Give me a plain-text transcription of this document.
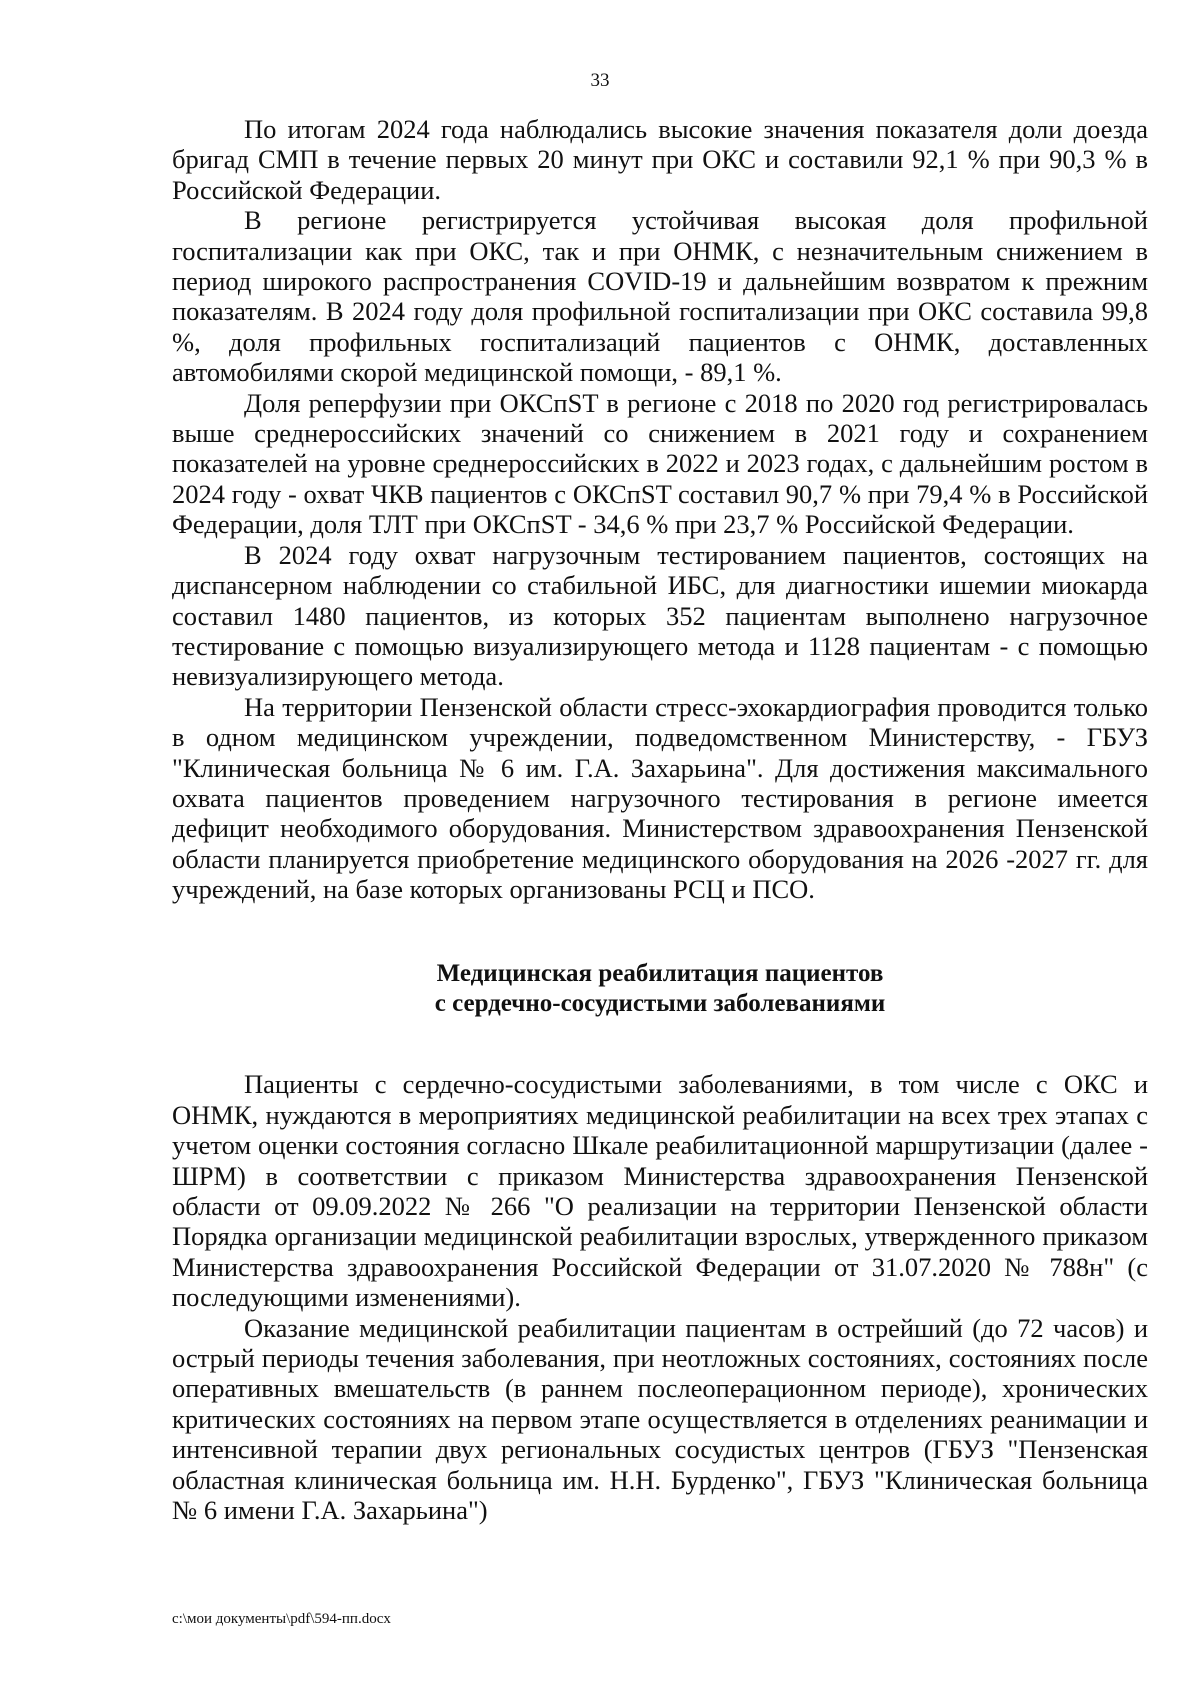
33

По итогам 2024 года наблюдались высокие значения показателя доли доезда бригад СМП в течение первых 20 минут при ОКС и составили 92,1 % при 90,3 % в Российской Федерации.

В регионе регистрируется устойчивая высокая доля профильной госпитализации как при ОКС, так и при ОНМК, с незначительным снижением в период широкого распространения COVID-19 и дальнейшим возвратом к прежним показателям. В 2024 году доля профильной госпитализации при ОКС составила 99,8 %, доля профильных госпитализаций пациентов с ОНМК, доставленных автомобилями скорой медицинской помощи, - 89,1 %.

Доля реперфузии при ОКСпST в регионе с 2018 по 2020 год регистрировалась выше среднероссийских значений со снижением в 2021 году и сохранением показателей на уровне среднероссийских в 2022 и 2023 годах, с дальнейшим ростом в 2024 году - охват ЧКВ пациентов с ОКСпST составил 90,7 % при 79,4 % в Российской Федерации, доля ТЛТ при ОКСпST - 34,6 % при 23,7 % Российской Федерации.

В 2024 году охват нагрузочным тестированием пациентов, состоящих на диспансерном наблюдении со стабильной ИБС, для диагностики ишемии миокарда составил 1480 пациентов, из которых 352 пациентам выполнено нагрузочное тестирование с помощью визуализирующего метода и 1128 пациентам - с помощью невизуализирующего метода.

На территории Пензенской области стресс-эхокардиография проводится только в одном медицинском учреждении, подведомственном Министерству, - ГБУЗ "Клиническая больница № 6 им. Г.А. Захарьина". Для достижения максимального охвата пациентов проведением нагрузочного тестирования в регионе имеется дефицит необходимого оборудования. Министерством здравоохранения Пензенской области планируется приобретение медицинского оборудования на 2026 -2027 гг. для учреждений, на базе которых организованы РСЦ и ПСО.

Медицинская реабилитация пациентов
с сердечно-сосудистыми заболеваниями

Пациенты с сердечно-сосудистыми заболеваниями, в том числе с ОКС и ОНМК, нуждаются в мероприятиях медицинской реабилитации на всех трех этапах с учетом оценки состояния согласно Шкале реабилитационной маршрутизации (далее - ШРМ) в соответствии с приказом Министерства здравоохранения Пензенской области от 09.09.2022 № 266 "О реализации на территории Пензенской области Порядка организации медицинской реабилитации взрослых, утвержденного приказом Министерства здравоохранения Российской Федерации от 31.07.2020 № 788н" (с последующими изменениями).

Оказание медицинской реабилитации пациентам в острейший (до 72 часов) и острый периоды течения заболевания, при неотложных состояниях, состояниях после оперативных вмешательств (в раннем послеоперационном периоде), хронических критических состояниях на первом этапе осуществляется в отделениях реанимации и интенсивной терапии двух региональных сосудистых центров (ГБУЗ "Пензенская областная клиническая больница им. Н.Н. Бурденко", ГБУЗ "Клиническая больница № 6 имени Г.А. Захарьина")

c:\мои документы\pdf\594-пп.docx
